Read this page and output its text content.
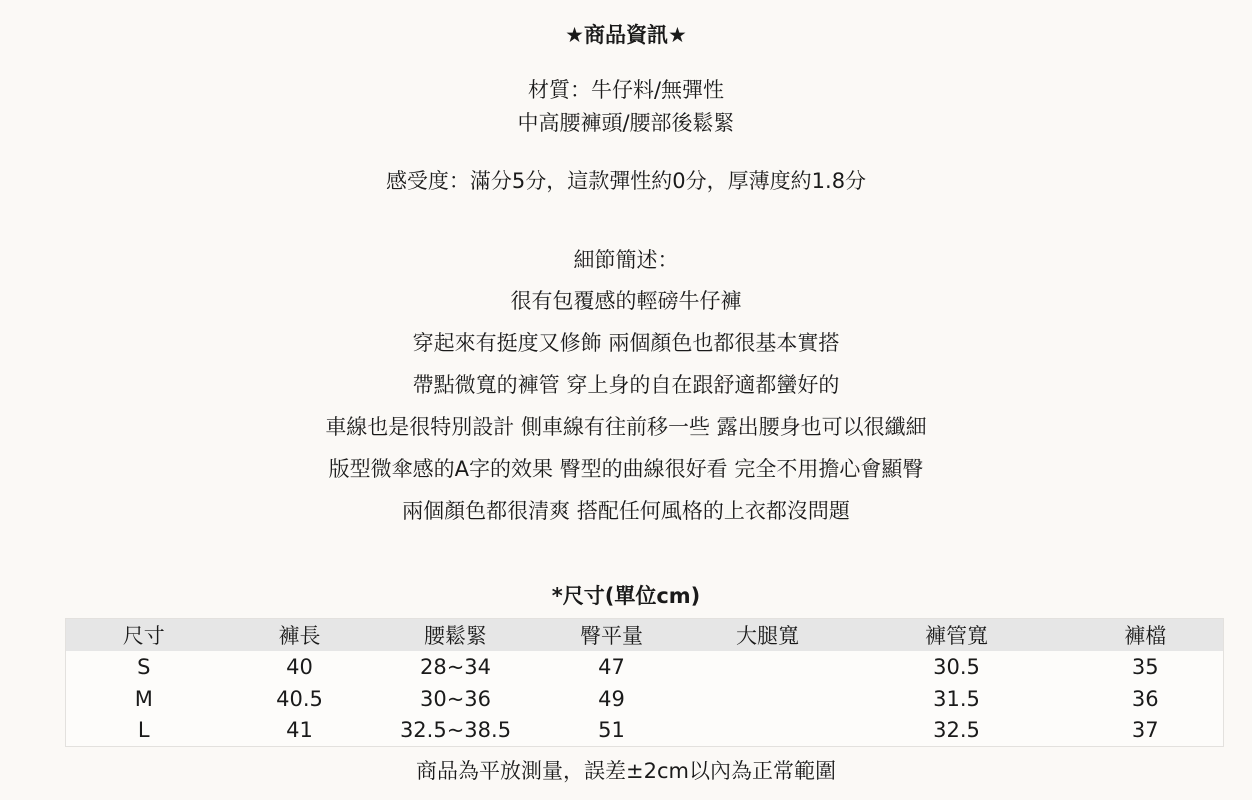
★商品資訊★
材質：牛仔料/無彈性
中高腰褲頭/腰部後鬆緊
感受度：滿分5分，這款彈性約0分，厚薄度約1.8分
細節簡述：
很有包覆感的輕磅牛仔褲
穿起來有挺度又修飾 兩個顏色也都很基本實搭
帶點微寬的褲管 穿上身的自在跟舒適都蠻好的
車線也是很特別設計 側車線有往前移一些 露出腰身也可以很纖細
版型微傘感的A字的效果 臀型的曲線很好看 完全不用擔心會顯臀
兩個顏色都很清爽 搭配任何風格的上衣都沒問題
*尺寸(單位cm)
尺寸	褲長	腰鬆緊	臀平量	大腿寬	褲管寬	褲檔
S	40	28~34	47		30.5	35
M	40.5	30~36	49		31.5	36
L	41	32.5~38.5	51		32.5	37
商品為平放測量，誤差±2cm以內為正常範圍
